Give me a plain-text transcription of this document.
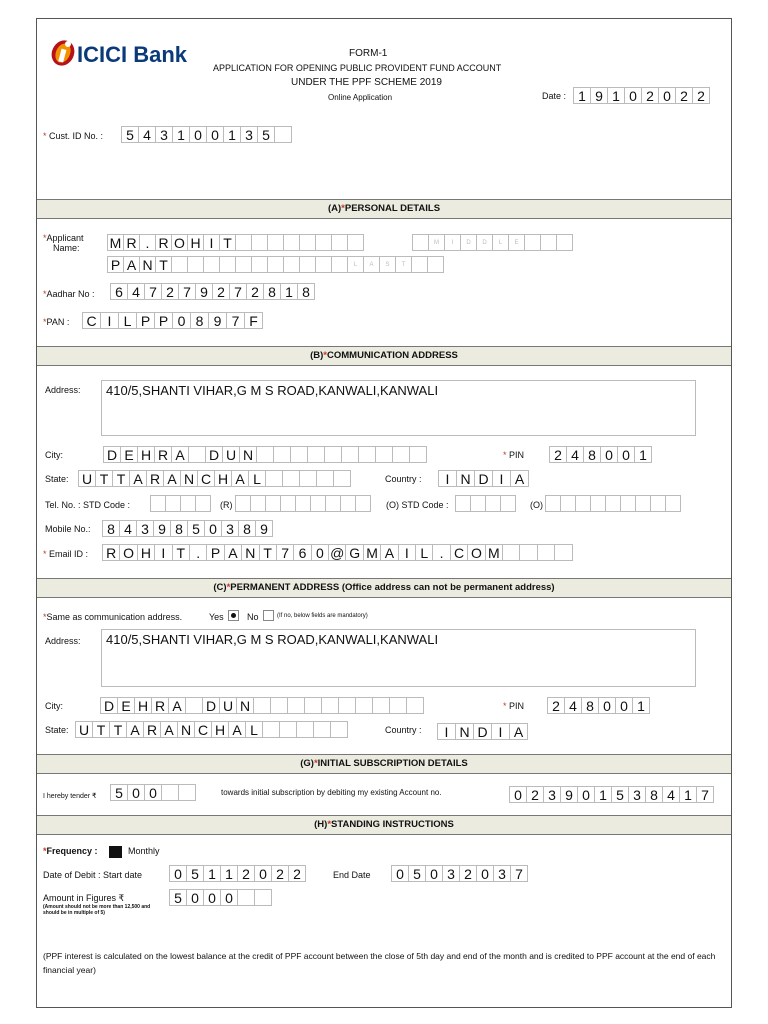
ICICI Bank	FORM-1
APPLICATION FOR OPENING PUBLIC PROVIDENT FUND ACCOUNT
UNDER THE PPF SCHEME 2019
Online Application	Date : 1 9 1 0 2 0 2 2
* Cust. ID No. :	5 4 3 1 0 0 1 3 5
(A)*PERSONAL DETAILS
*Applicant
Name: M R . R O H I T	M	I	D	D	L	E
P A N T	L	A	S	T
*Aadhar No :	6 4 7 2 7 9 2 7 2 8 1 8
*PAN :	C I L P P 0 8 9 7 F
(B)*COMMUNICATION ADDRESS
Address:	410/5,SHANTI VIHAR,G M S ROAD,KANWALI,KANWALI
City:	D E H R A	D U N	* PIN	2 4 8 0 0 1
State: U T T A R A N C H A L	Country :	I N D I A
Tel. No. : STD Code :	(R)	(O) STD Code :	(O)
Mobile No.:	8 4 3 9 8 5 0 3 8 9
* Email ID : R O H I T . P A N T 7 6 0 @ G M A I L . C O M
(C)*PERMANENT ADDRESS (Office address can not be permanent address)
*Same as communication address.	Yes	No	(If no, below fields are mandatory)
Address:	410/5,SHANTI VIHAR,G M S ROAD,KANWALI,KANWALI
City:	D E H R A	D U N	* PIN	2 4 8 0 0 1
State: U T T A R A N C H A L	Country :	I N D I A
(G)*INITIAL SUBSCRIPTION DETAILS
I hereby tender ₹	5 0 0	towards initial subscription by debiting my existing Account no.	0 2 3 9 0 1 5 3 8 4 1 7
(H)*STANDING INSTRUCTIONS
*Frequency :	Monthly
Date of Debit : Start date	0 5 1 1 2 0 2 2	End Date	0 5 0 3 2 0 3 7
Amount in Figures ₹
(Amount should not be more than 12,500 and should be in multiple of 5)
5 0 0 0
(PPF interest is calculated on the lowest balance at the credit of PPF account between the close of 5th day and end of the month and is credited to PPF account at the end of each financial year)
